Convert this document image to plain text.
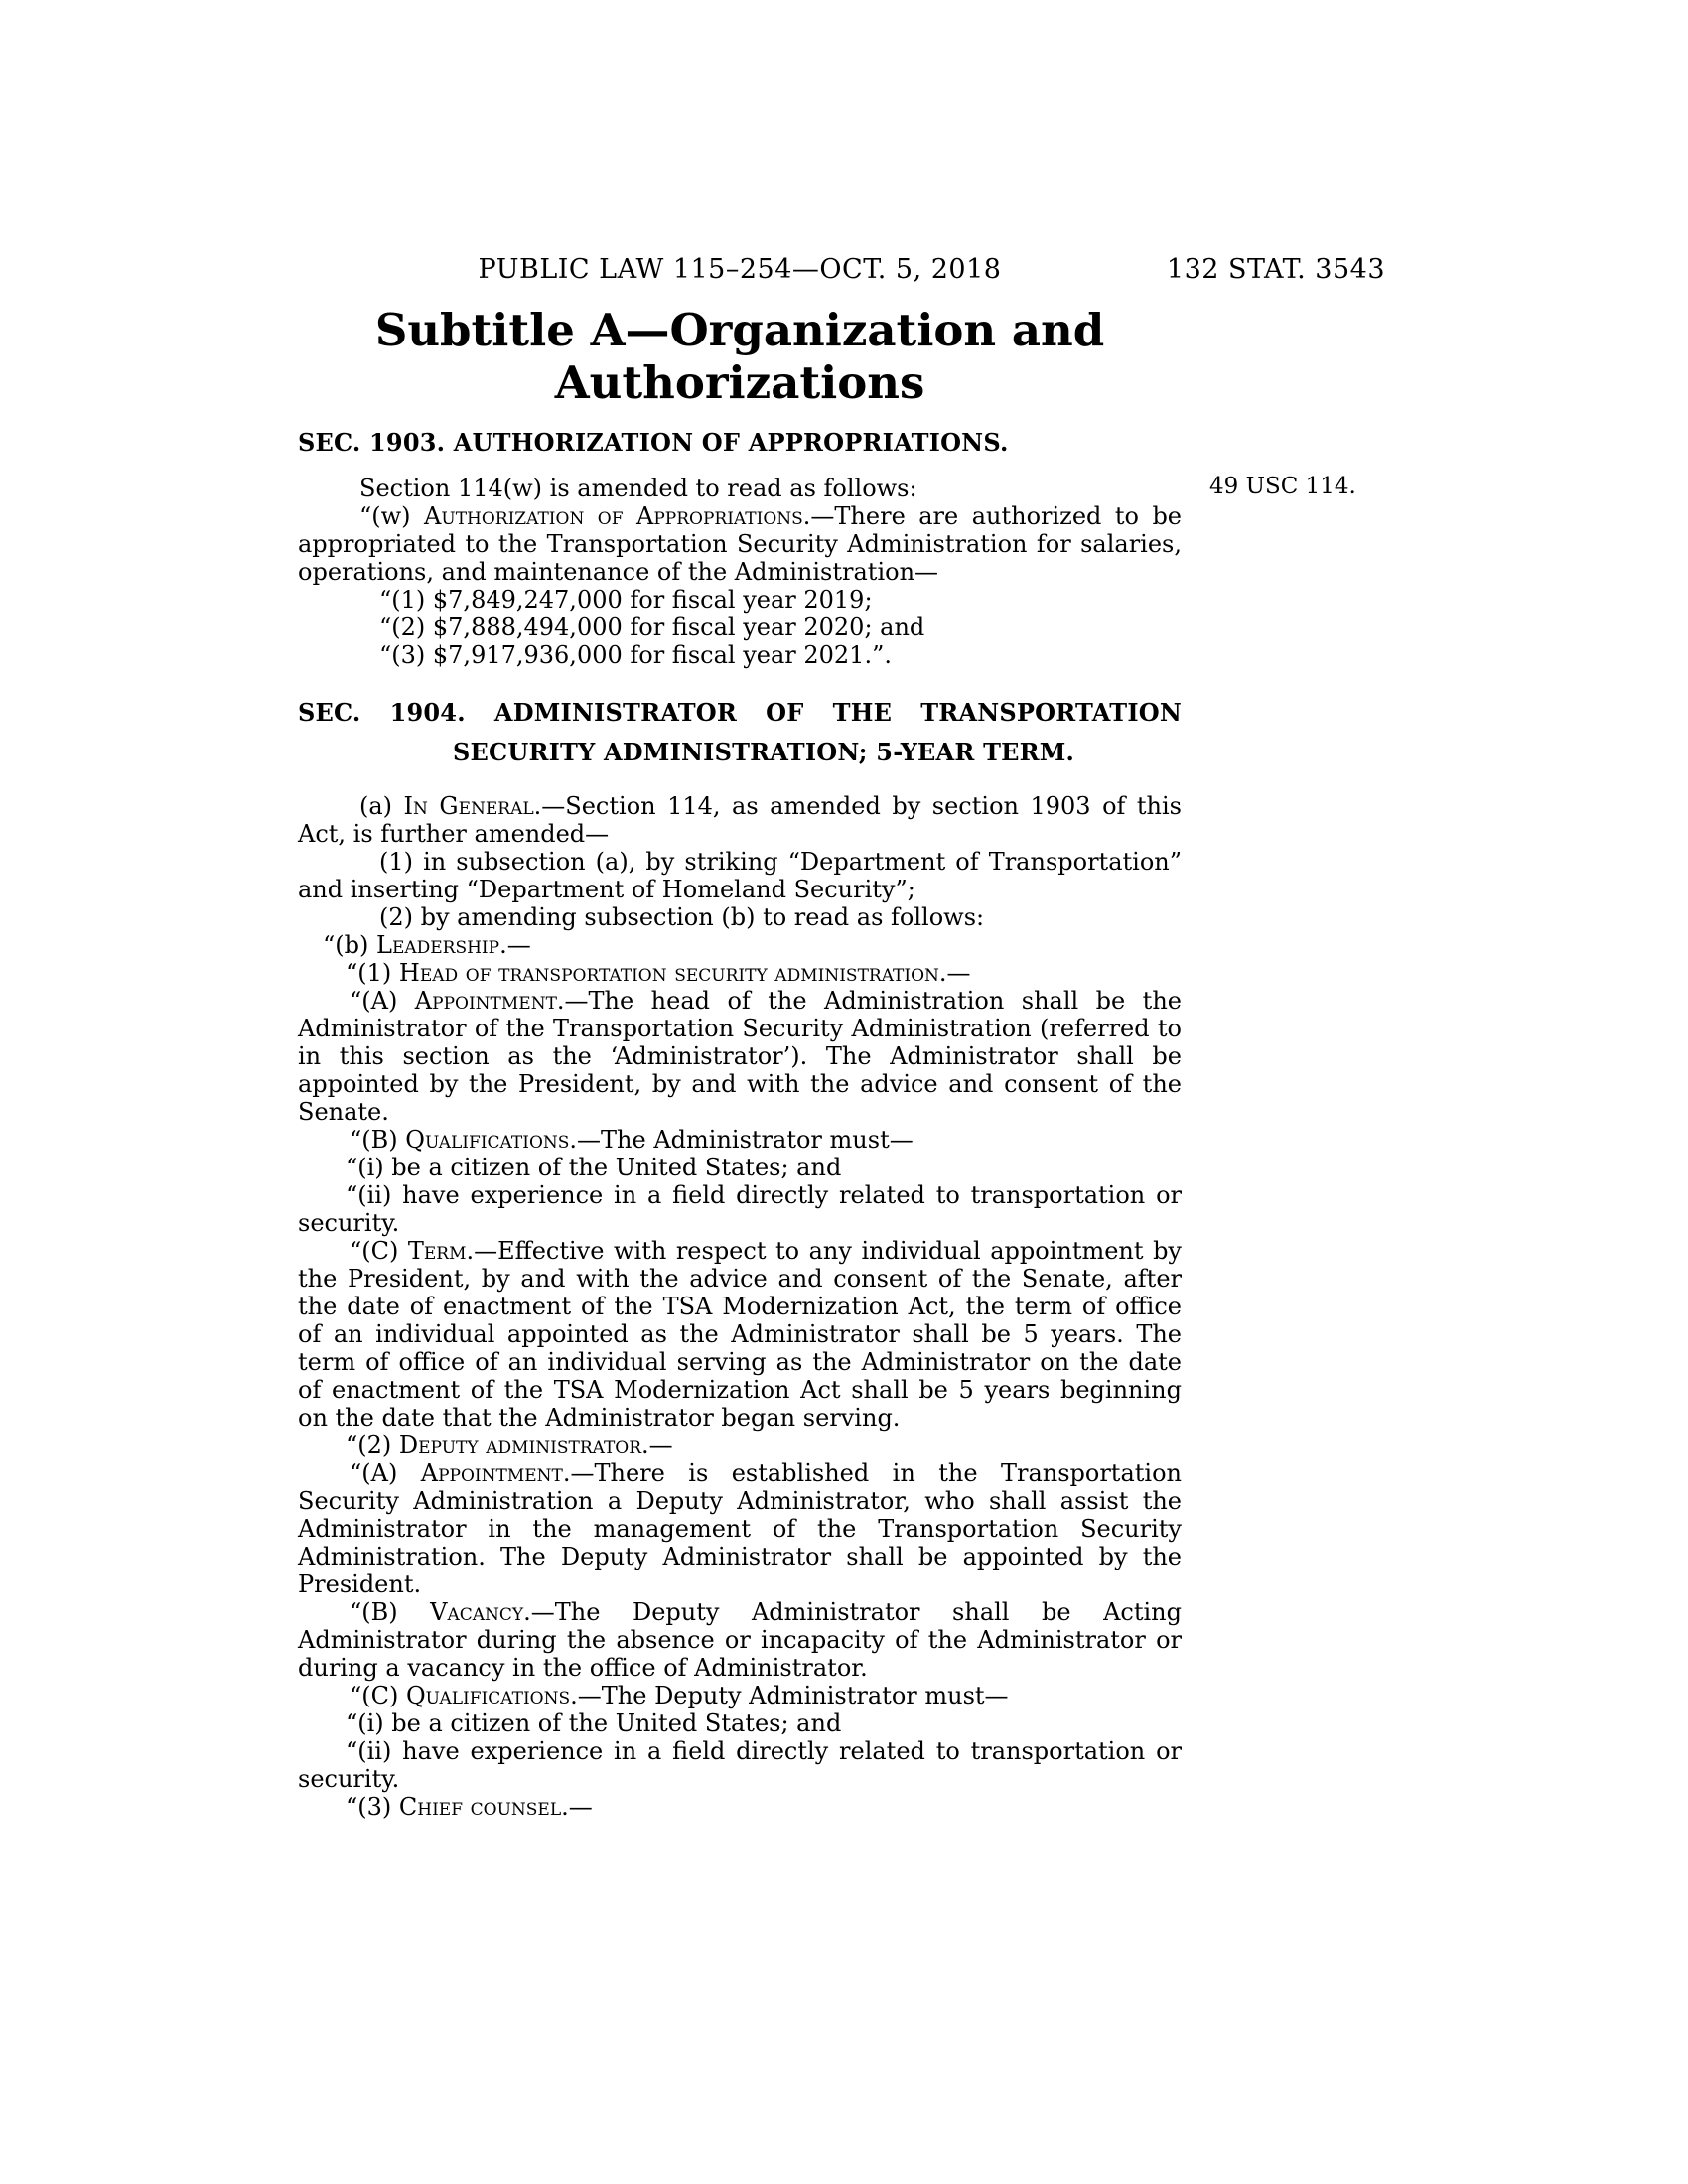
PUBLIC LAW 115–254—OCT. 5, 2018	132 STAT. 3543
Subtitle A—Organization and
Authorizations
49 USC 114.
SEC. 1903. AUTHORIZATION OF APPROPRIATIONS.

Section 114(w) is amended to read as follows:

“(w) Authorization of Appropriations.—There are authorized to be appropriated to the Transportation Security Administration for salaries, operations, and maintenance of the Administration—

“(1) $7,849,247,000 for fiscal year 2019;

“(2) $7,888,494,000 for fiscal year 2020; and

“(3) $7,917,936,000 for fiscal year 2021.”.

SEC. 1904. ADMINISTRATOR OF THE TRANSPORTATION SECURITY ADMINISTRATION; 5-YEAR TERM.

(a) In General.—Section 114, as amended by section 1903 of this Act, is further amended—

(1) in subsection (a), by striking “Department of Transportation” and inserting “Department of Homeland Security”;

(2) by amending subsection (b) to read as follows:

“(b) Leadership.—

“(1) Head of transportation security administration.—

“(A) Appointment.—The head of the Administration shall be the Administrator of the Transportation Security Administration (referred to in this section as the ‘Administrator’). The Administrator shall be appointed by the President, by and with the advice and consent of the Senate.

“(B) Qualifications.—The Administrator must—

“(i) be a citizen of the United States; and

“(ii) have experience in a field directly related to transportation or security.

“(C) Term.—Effective with respect to any individual appointment by the President, by and with the advice and consent of the Senate, after the date of enactment of the TSA Modernization Act, the term of office of an individual appointed as the Administrator shall be 5 years. The term of office of an individual serving as the Administrator on the date of enactment of the TSA Modernization Act shall be 5 years beginning on the date that the Administrator began serving.

“(2) Deputy administrator.—

“(A) Appointment.—There is established in the Transportation Security Administration a Deputy Administrator, who shall assist the Administrator in the management of the Transportation Security Administration. The Deputy Administrator shall be appointed by the President.

“(B) Vacancy.—The Deputy Administrator shall be Acting Administrator during the absence or incapacity of the Administrator or during a vacancy in the office of Administrator.

“(C) Qualifications.—The Deputy Administrator must—

“(i) be a citizen of the United States; and

“(ii) have experience in a field directly related to transportation or security.

“(3) Chief counsel.—
